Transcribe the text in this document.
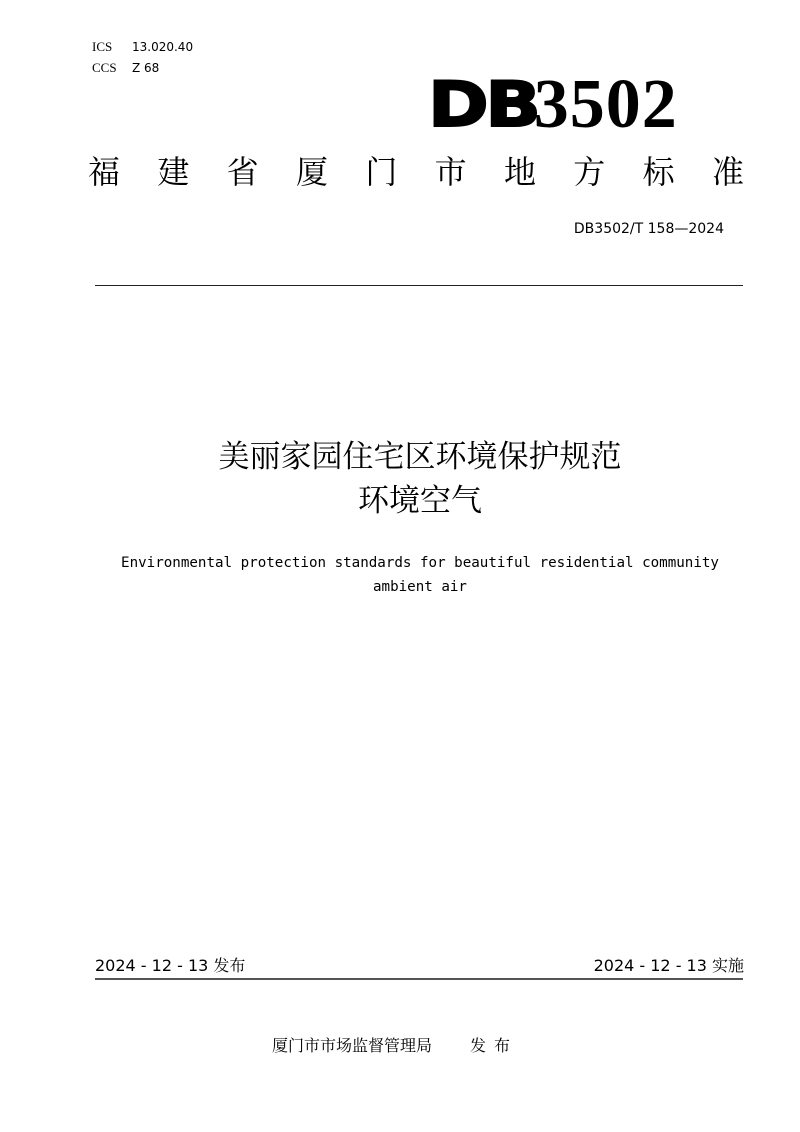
ICS 13.020.40
CCS Z 68	DB
3502
福 建 省 厦 门 市 地 方 标 准
DB3502/T 158—2024
美丽家园住宅区环境保护规范
环境空气
Environmental protection standards for beautiful residential community
ambient air
2024 - 12 - 13 发布	2024 - 12 - 13 实施
厦门市市场监督管理局 发布
